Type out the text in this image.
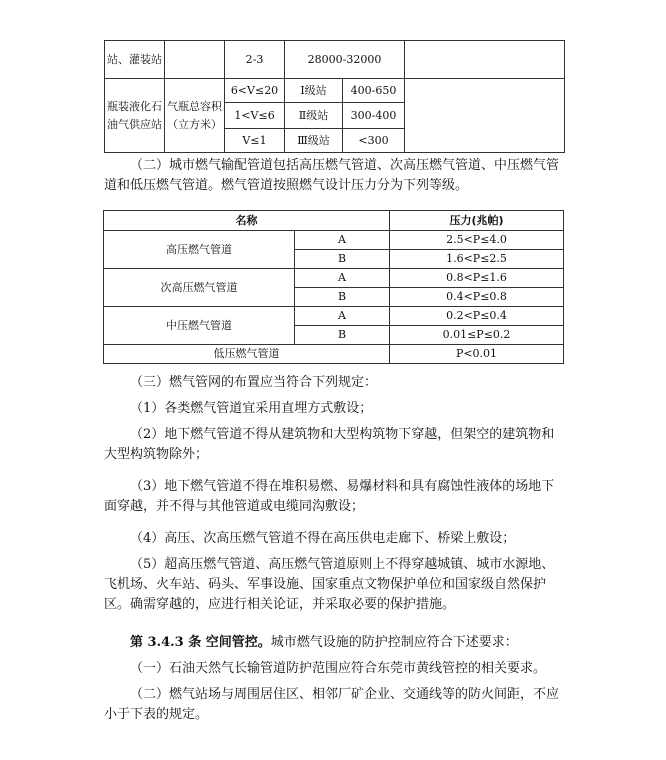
站、灌装站		2-3	28000-32000		
瓶装液化石油气供应站	气瓶总容积（立方米）	6<V≤20	Ⅰ级站	400-650	
		1<V≤6	Ⅱ级站	300-400	
		V≤1	Ⅲ级站	<300	

（二）城市燃气输配管道包括高压燃气管道、次高压燃气管道、中压燃气管道和低压燃气管道。燃气管道按照燃气设计压力分为下列等级。

名称		压力(兆帕)
高压燃气管道	A	2.5<P≤4.0
	B	1.6<P≤2.5
次高压燃气管道	A	0.8<P≤1.6
	B	0.4<P≤0.8
中压燃气管道	A	0.2<P≤0.4
	B	0.01≤P≤0.2
低压燃气管道		P<0.01

（三）燃气管网的布置应当符合下列规定：

（1）各类燃气管道宜采用直埋方式敷设；

（2）地下燃气管道不得从建筑物和大型构筑物下穿越，但架空的建筑物和大型构筑物除外；

（3）地下燃气管道不得在堆积易燃、易爆材料和具有腐蚀性液体的场地下面穿越，并不得与其他管道或电缆同沟敷设；

（4）高压、次高压燃气管道不得在高压供电走廊下、桥梁上敷设；

（5）超高压燃气管道、高压燃气管道原则上不得穿越城镇、城市水源地、飞机场、火车站、码头、军事设施、国家重点文物保护单位和国家级自然保护区。确需穿越的，应进行相关论证，并采取必要的保护措施。

第 3.4.3 条 空间管控。城市燃气设施的防护控制应符合下述要求：

（一）石油天然气长输管道防护范围应符合东莞市黄线管控的相关要求。

（二）燃气站场与周围居住区、相邻厂矿企业、交通线等的防火间距，不应小于下表的规定。
